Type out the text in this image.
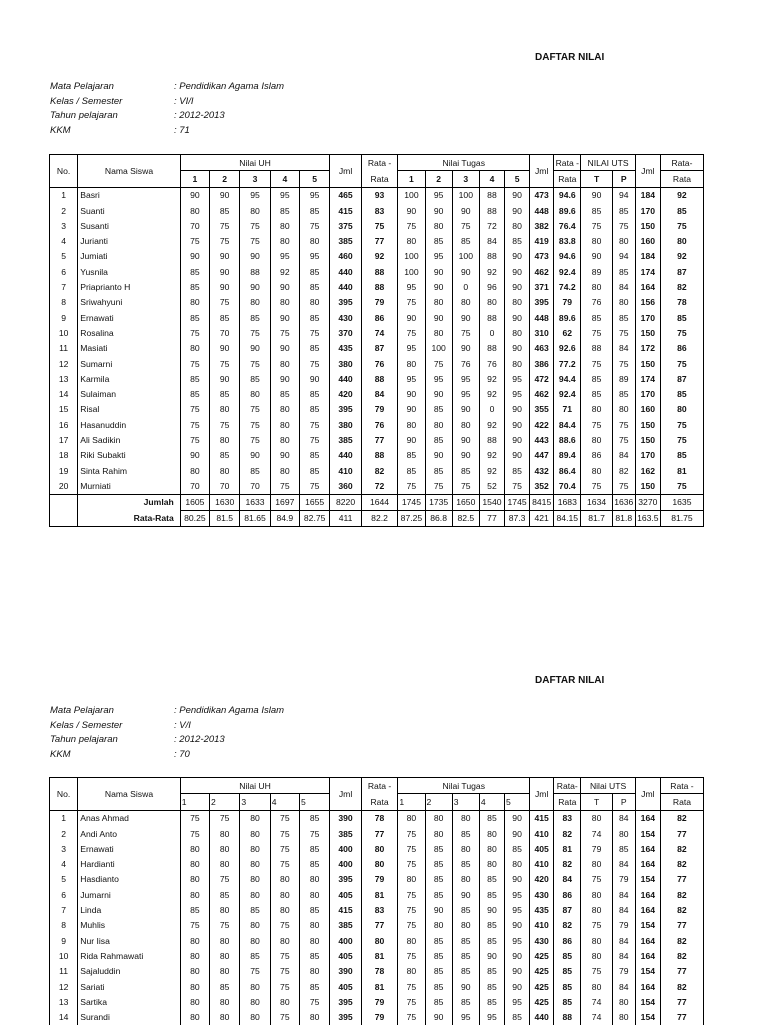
DAFTAR NILAI
Mata Pelajaran	: Pendidikan Agama Islam
Kelas / Semester	: VI/I
Tahun pelajaran	: 2012-2013
KKM	: 71
No.	Nama Siswa	Nilai UH					Jml	Rata -	Nilai Tugas					Jml	Rata -	NILAI UTS		Jml	Rata-
		1	2	3	4	5		Rata	1	2	3	4	5		Rata	T	P		Rata
1	Basri	90	90	95	95	95	465	93	100	95	100	88	90	473	94.6	90	94	184	92
2	Suanti	80	85	80	85	85	415	83	90	90	90	88	90	448	89.6	85	85	170	85
3	Susanti	70	75	75	80	75	375	75	75	80	75	72	80	382	76.4	75	75	150	75
4	Jurianti	75	75	75	80	80	385	77	80	85	85	84	85	419	83.8	80	80	160	80
5	Jumiati	90	90	90	95	95	460	92	100	95	100	88	90	473	94.6	90	94	184	92
6	Yusnila	85	90	88	92	85	440	88	100	90	90	92	90	462	92.4	89	85	174	87
7	Priaprianto H	85	90	90	90	85	440	88	95	90	0	96	90	371	74.2	80	84	164	82
8	Sriwahyuni	80	75	80	80	80	395	79	75	80	80	80	80	395	79	76	80	156	78
9	Ernawati	85	85	85	90	85	430	86	90	90	90	88	90	448	89.6	85	85	170	85
10	Rosalina	75	70	75	75	75	370	74	75	80	75	0	80	310	62	75	75	150	75
11	Masiati	80	90	90	90	85	435	87	95	100	90	88	90	463	92.6	88	84	172	86
12	Sumarni	75	75	75	80	75	380	76	80	75	76	76	80	386	77.2	75	75	150	75
13	Karmila	85	90	85	90	90	440	88	95	95	95	92	95	472	94.4	85	89	174	87
14	Sulaiman	85	85	80	85	85	420	84	90	90	95	92	95	462	92.4	85	85	170	85
15	Risal	75	80	75	80	85	395	79	90	85	90	0	90	355	71	80	80	160	80
16	Hasanuddin	75	75	75	80	75	380	76	80	80	80	92	90	422	84.4	75	75	150	75
17	Ali Sadikin	75	80	75	80	75	385	77	90	85	90	88	90	443	88.6	80	75	150	75
18	Riki Subakti	90	85	90	90	85	440	88	85	90	90	92	90	447	89.4	86	84	170	85
19	Sinta Rahim	80	80	85	80	85	410	82	85	85	85	92	85	432	86.4	80	82	162	81
20	Murniati	70	70	70	75	75	360	72	75	75	75	52	75	352	70.4	75	75	150	75
	Jumlah	1605	1630	1633	1697	1655	8220	1644	1745	1735	1650	1540	1745	8415	1683	1634	1636	3270	1635
	Rata-Rata	80.25	81.5	81.65	84.9	82.75	411	82.2	87.25	86.8	82.5	77	87.3	421	84.15	81.7	81.8	163.5	81.75
DAFTAR NILAI
Mata Pelajaran	: Pendidikan Agama Islam
Kelas / Semester	: V/I
Tahun pelajaran	: 2012-2013
KKM	: 70
No.	Nama Siswa	Nilai UH					Jml	Rata -	Nilai Tugas					Jml	Rata-	Nilai UTS		Jml	Rata -
		1	2	3	4	5		Rata	1	2	3	4	5		Rata	T	P		Rata
1	Anas Ahmad	75	75	80	75	85	390	78	80	80	80	85	90	415	83	80	84	164	82
2	Andi Anto	75	80	80	75	75	385	77	75	80	85	80	90	410	82	74	80	154	77
3	Ernawati	80	80	80	75	85	400	80	75	85	80	80	85	405	81	79	85	164	82
4	Hardianti	80	80	80	75	85	400	80	75	85	85	80	80	410	82	80	84	164	82
5	Hasdianto	80	75	80	80	80	395	79	80	85	80	85	90	420	84	75	79	154	77
6	Jumarni	80	85	80	80	80	405	81	75	85	90	85	95	430	86	80	84	164	82
7	Linda	85	80	85	80	85	415	83	75	90	85	90	95	435	87	80	84	164	82
8	Muhlis	75	75	80	75	80	385	77	75	80	80	85	90	410	82	75	79	154	77
9	Nur Iisa	80	80	80	80	80	400	80	80	85	85	85	95	430	86	80	84	164	82
10	Rida Rahmawati	80	80	85	75	85	405	81	75	85	85	90	90	425	85	80	84	164	82
11	Sajaluddin	80	80	75	75	80	390	78	80	85	85	85	90	425	85	75	79	154	77
12	Sariati	80	85	80	75	85	405	81	75	85	90	85	90	425	85	80	84	164	82
13	Sartika	80	80	80	80	75	395	79	75	85	85	85	95	425	85	74	80	154	77
14	Surandi	80	80	80	75	80	395	79	75	90	95	95	85	440	88	74	80	154	77
